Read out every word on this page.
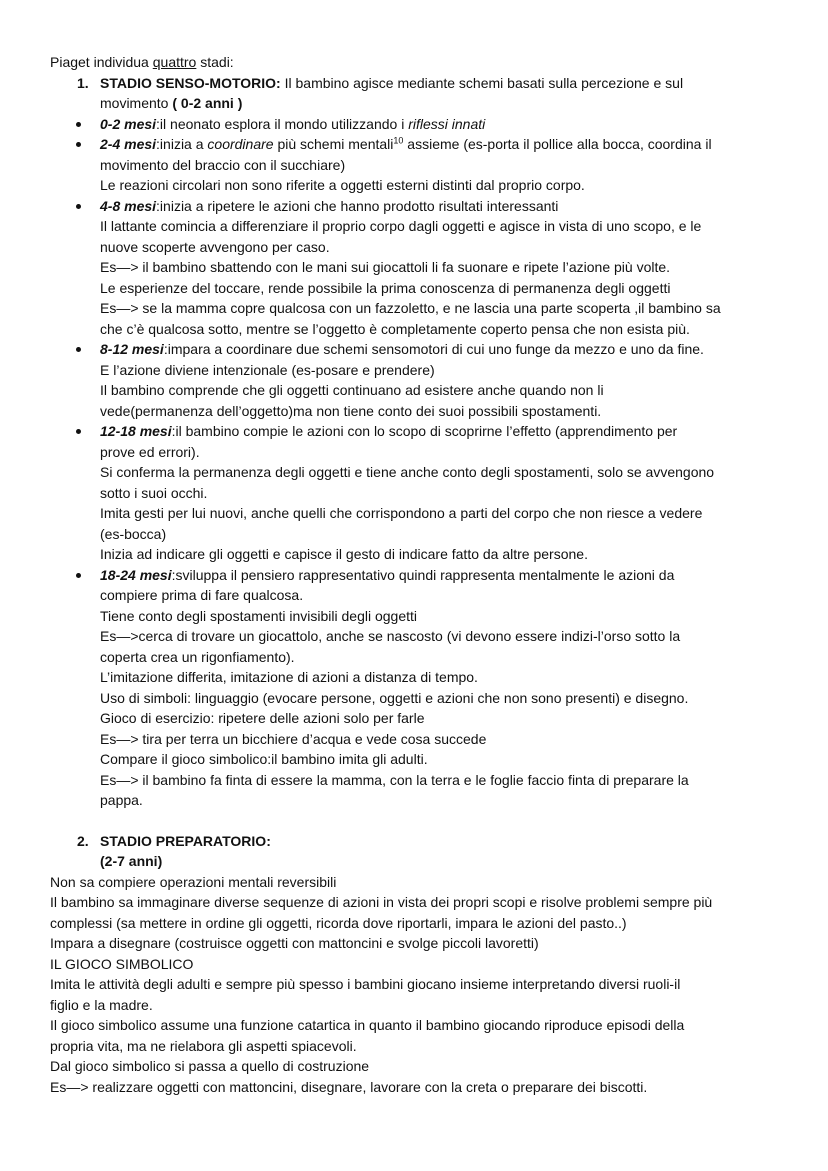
Piaget individua quattro stadi:
1. STADIO SENSO-MOTORIO: Il bambino agisce mediante schemi basati sulla percezione e sul
movimento ( 0-2 anni )
0-2 mesi:il neonato esplora il mondo utilizzando i riflessi innati
2-4 mesi:inizia a coordinare più schemi mentali$^{10}$ assieme (es-porta il pollice alla bocca, coordina il
movimento del braccio con il succhiare)
Le reazioni circolari non sono riferite a oggetti esterni distinti dal proprio corpo.
4-8 mesi:inizia a ripetere le azioni che hanno prodotto risultati interessanti
Il lattante comincia a differenziare il proprio corpo dagli oggetti e agisce in vista di uno scopo, e le
nuove scoperte avvengono per caso.
Es—> il bambino sbattendo con le mani sui giocattoli li fa suonare e ripete l’azione più volte.
Le esperienze del toccare, rende possibile la prima conoscenza di permanenza degli oggetti
Es—> se la mamma copre qualcosa con un fazzoletto, e ne lascia una parte scoperta ,il bambino sa
che c’è qualcosa sotto, mentre se l’oggetto è completamente coperto pensa che non esista più.
8-12 mesi:impara a coordinare due schemi sensomotori di cui uno funge da mezzo e uno da fine.
E l’azione diviene intenzionale (es-posare e prendere)
Il bambino comprende che gli oggetti continuano ad esistere anche quando non li
vede(permanenza dell’oggetto)ma non tiene conto dei suoi possibili spostamenti.
12-18 mesi:il bambino compie le azioni con lo scopo di scoprirne l’effetto (apprendimento per
prove ed errori).
Si conferma la permanenza degli oggetti e tiene anche conto degli spostamenti, solo se avvengono
sotto i suoi occhi.
Imita gesti per lui nuovi, anche quelli che corrispondono a parti del corpo che non riesce a vedere
(es-bocca)
Inizia ad indicare gli oggetti e capisce il gesto di indicare fatto da altre persone.
18-24 mesi:sviluppa il pensiero rappresentativo quindi rappresenta mentalmente le azioni da
compiere prima di fare qualcosa.
Tiene conto degli spostamenti invisibili degli oggetti
Es—>cerca di trovare un giocattolo, anche se nascosto (vi devono essere indizi-l’orso sotto la
coperta crea un rigonfiamento).
L’imitazione differita, imitazione di azioni a distanza di tempo.
Uso di simboli: linguaggio (evocare persone, oggetti e azioni che non sono presenti) e disegno.
Gioco di esercizio: ripetere delle azioni solo per farle
Es—> tira per terra un bicchiere d’acqua e vede cosa succede
Compare il gioco simbolico:il bambino imita gli adulti.
Es—> il bambino fa finta di essere la mamma, con la terra e le foglie faccio finta di preparare la
pappa.
2. STADIO PREPARATORIO:
(2-7 anni)
Non sa compiere operazioni mentali reversibili
Il bambino sa immaginare diverse sequenze di azioni in vista dei propri scopi e risolve problemi sempre più
complessi (sa mettere in ordine gli oggetti, ricorda dove riportarli, impara le azioni del pasto..)
Impara a disegnare (costruisce oggetti con mattoncini e svolge piccoli lavoretti)
IL GIOCO SIMBOLICO
Imita le attività degli adulti e sempre più spesso i bambini giocano insieme interpretando diversi ruoli-il
figlio e la madre.
Il gioco simbolico assume una funzione catartica in quanto il bambino giocando riproduce episodi della
propria vita, ma ne rielabora gli aspetti spiacevoli.
Dal gioco simbolico si passa a quello di costruzione
Es—> realizzare oggetti con mattoncini, disegnare, lavorare con la creta o preparare dei biscotti.
